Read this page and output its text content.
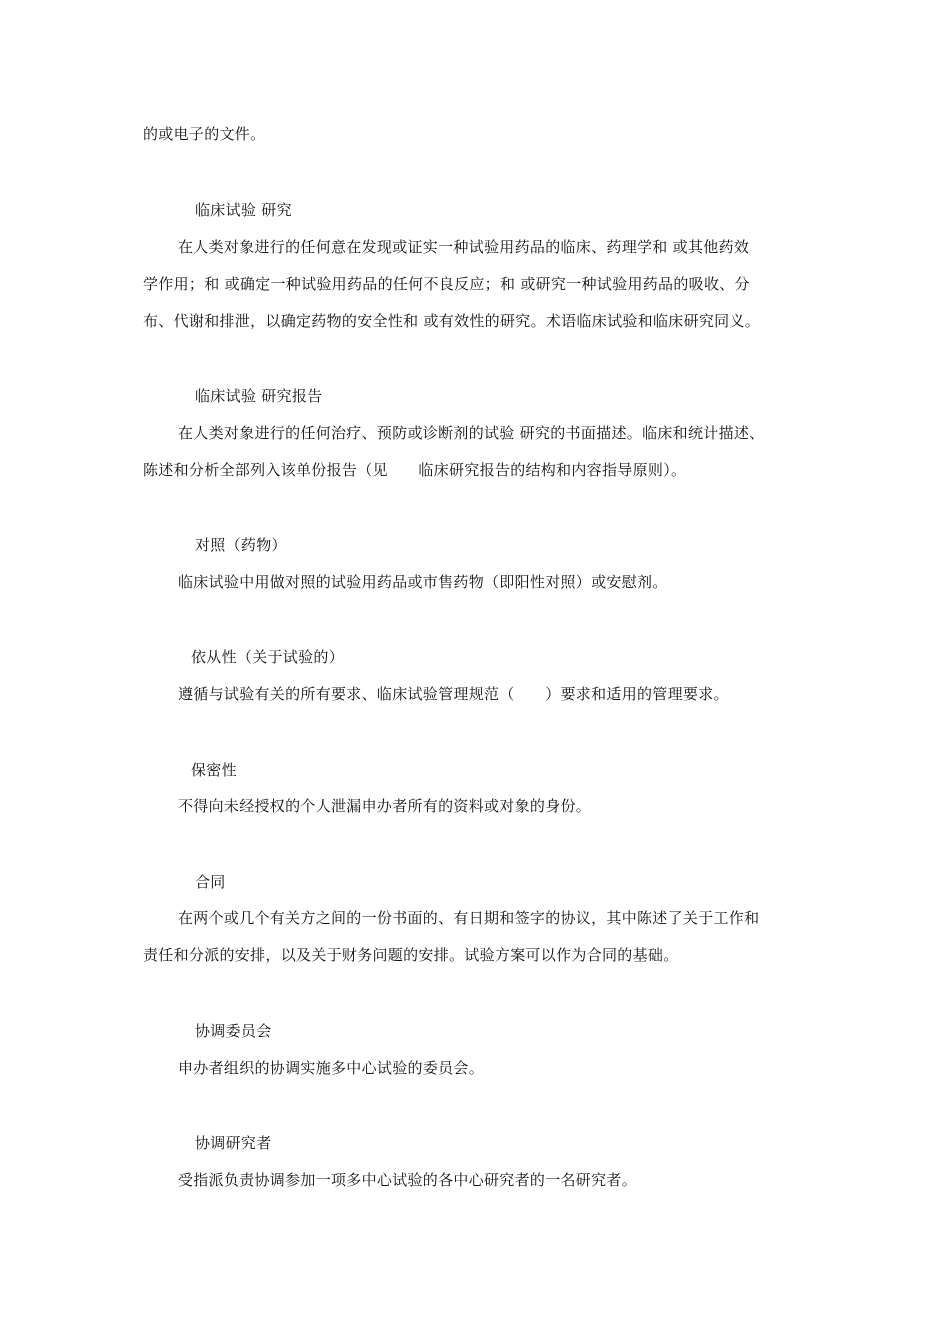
的或电子的文件。
临床试验 研究
在人类对象进行的任何意在发现或证实一种试验用药品的临床、药理学和 或其他药效
学作用；和 或确定一种试验用药品的任何不良反应；和 或研究一种试验用药品的吸收、分
布、代谢和排泄，以确定药物的安全性和 或有效性的研究。术语临床试验和临床研究同义。
临床试验 研究报告
在人类对象进行的任何治疗、预防或诊断剂的试验 研究的书面描述。临床和统计描述、
陈述和分析全部列入该单份报告（见　　临床研究报告的结构和内容指导原则）。
对照（药物）
临床试验中用做对照的试验用药品或市售药物（即阳性对照）或安慰剂。
依从性（关于试验的）
遵循与试验有关的所有要求、临床试验管理规范（　　）要求和适用的管理要求。
保密性
不得向未经授权的个人泄漏申办者所有的资料或对象的身份。
合同
在两个或几个有关方之间的一份书面的、有日期和签字的协议，其中陈述了关于工作和
责任和分派的安排，以及关于财务问题的安排。试验方案可以作为合同的基础。
协调委员会
申办者组织的协调实施多中心试验的委员会。
协调研究者
受指派负责协调参加一项多中心试验的各中心研究者的一名研究者。
